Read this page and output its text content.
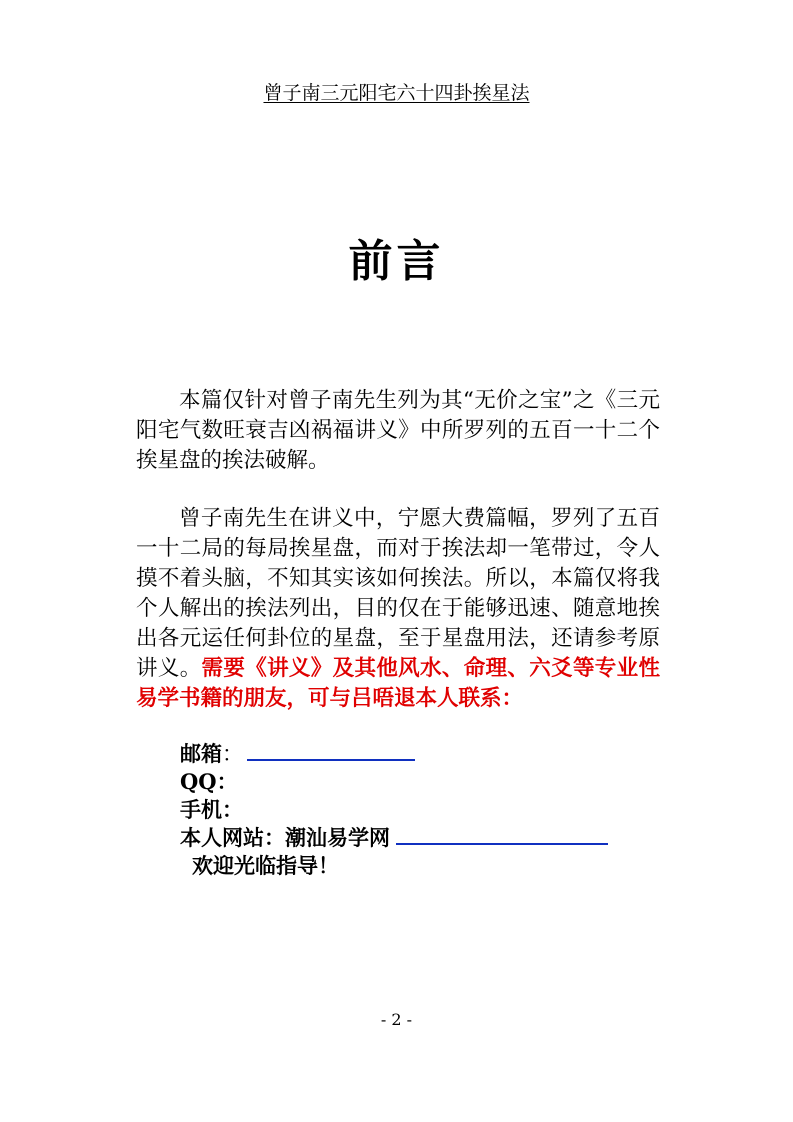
曾子南三元阳宅六十四卦挨星法
前言

本篇仅针对曾子南先生列为其“无价之宝”之《三元阳宅气数旺衰吉凶祸福讲义》中所罗列的五百一十二个挨星盘的挨法破解。

曾子南先生在讲义中，宁愿大费篇幅，罗列了五百一十二局的每局挨星盘，而对于挨法却一笔带过，令人摸不着头脑，不知其实该如何挨法。所以，本篇仅将我个人解出的挨法列出，目的仅在于能够迅速、随意地挨出各元运任何卦位的星盘，至于星盘用法，还请参考原讲义。需要《讲义》及其他风水、命理、六爻等专业性易学书籍的朋友，可与吕唔退本人联系：

邮箱：
QQ：
手机：
本人网站：潮汕易学网
欢迎光临指导！
- 2 -
